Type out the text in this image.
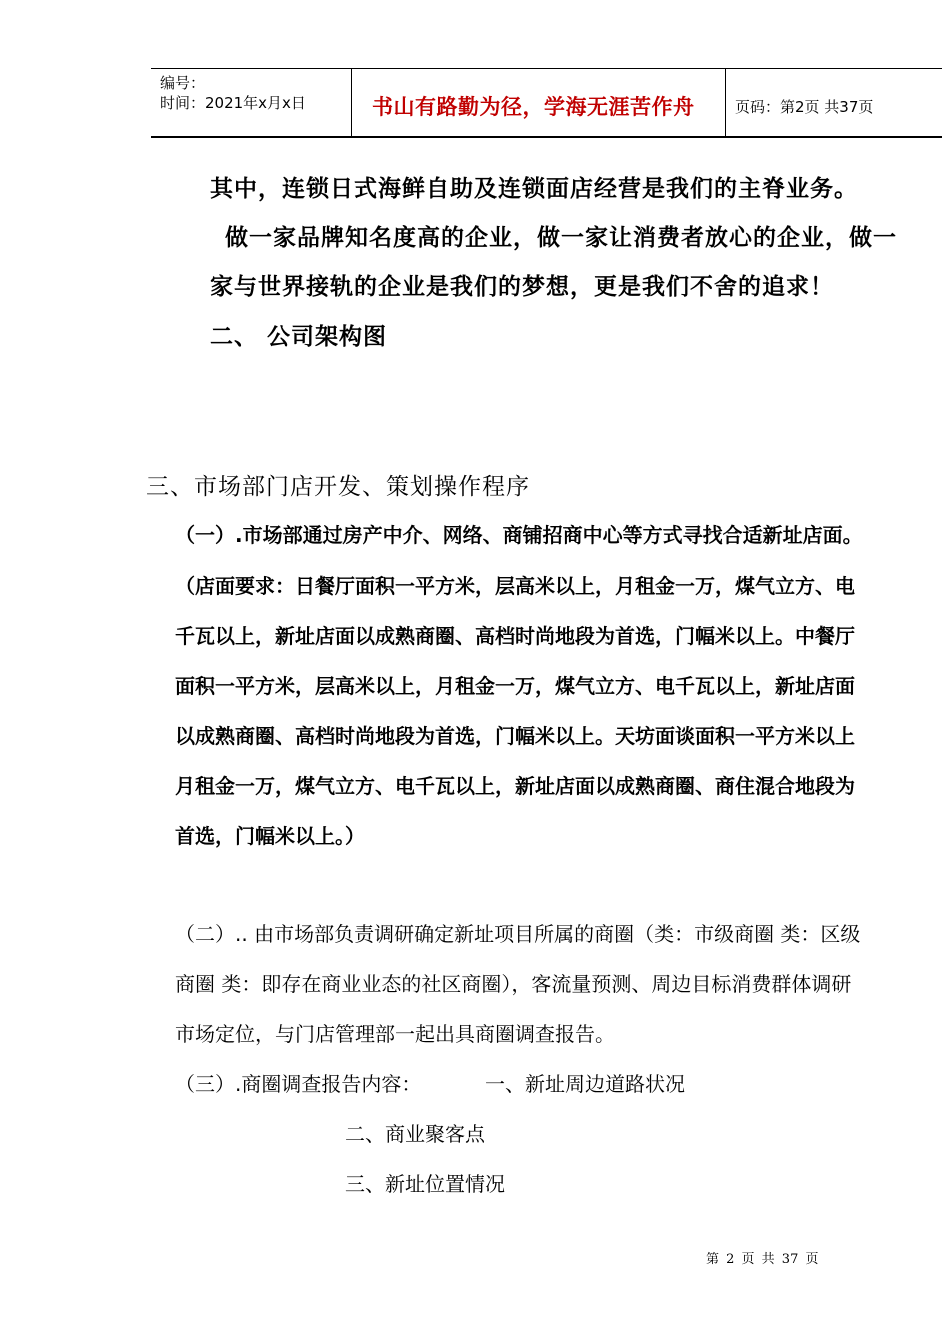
编号：
时间：2021年x月x日	书山有路勤为径，学海无涯苦作舟	页码：第2页 共37页
其中，连锁日式海鲜自助及连锁面店经营是我们的主脊业务。
做一家品牌知名度高的企业，做一家让消费者放心的企业，做一
家与世界接轨的企业是我们的梦想，更是我们不舍的追求！
二、 公司架构图
三、市场部门店开发、策划操作程序
（一）.市场部通过房产中介、网络、商铺招商中心等方式寻找合适新址店面。
（店面要求：日餐厅面积一平方米，层高米以上，月租金一万，煤气立方、电
千瓦以上，新址店面以成熟商圈、高档时尚地段为首选，门幅米以上。中餐厅
面积一平方米，层高米以上，月租金一万，煤气立方、电千瓦以上，新址店面
以成熟商圈、高档时尚地段为首选，门幅米以上。天坊面谈面积一平方米以上
月租金一万，煤气立方、电千瓦以上，新址店面以成熟商圈、商住混合地段为
首选，门幅米以上。）
（二）.. 由市场部负责调研确定新址项目所属的商圈（类：市级商圈 类：区级
商圈 类：即存在商业业态的社区商圈），客流量预测、周边目标消费群体调研
市场定位，与门店管理部一起出具商圈调查报告。
（三）.商圈调查报告内容：	一、新址周边道路状况
二、商业聚客点
三、新址位置情况
第 2 页 共 37 页
